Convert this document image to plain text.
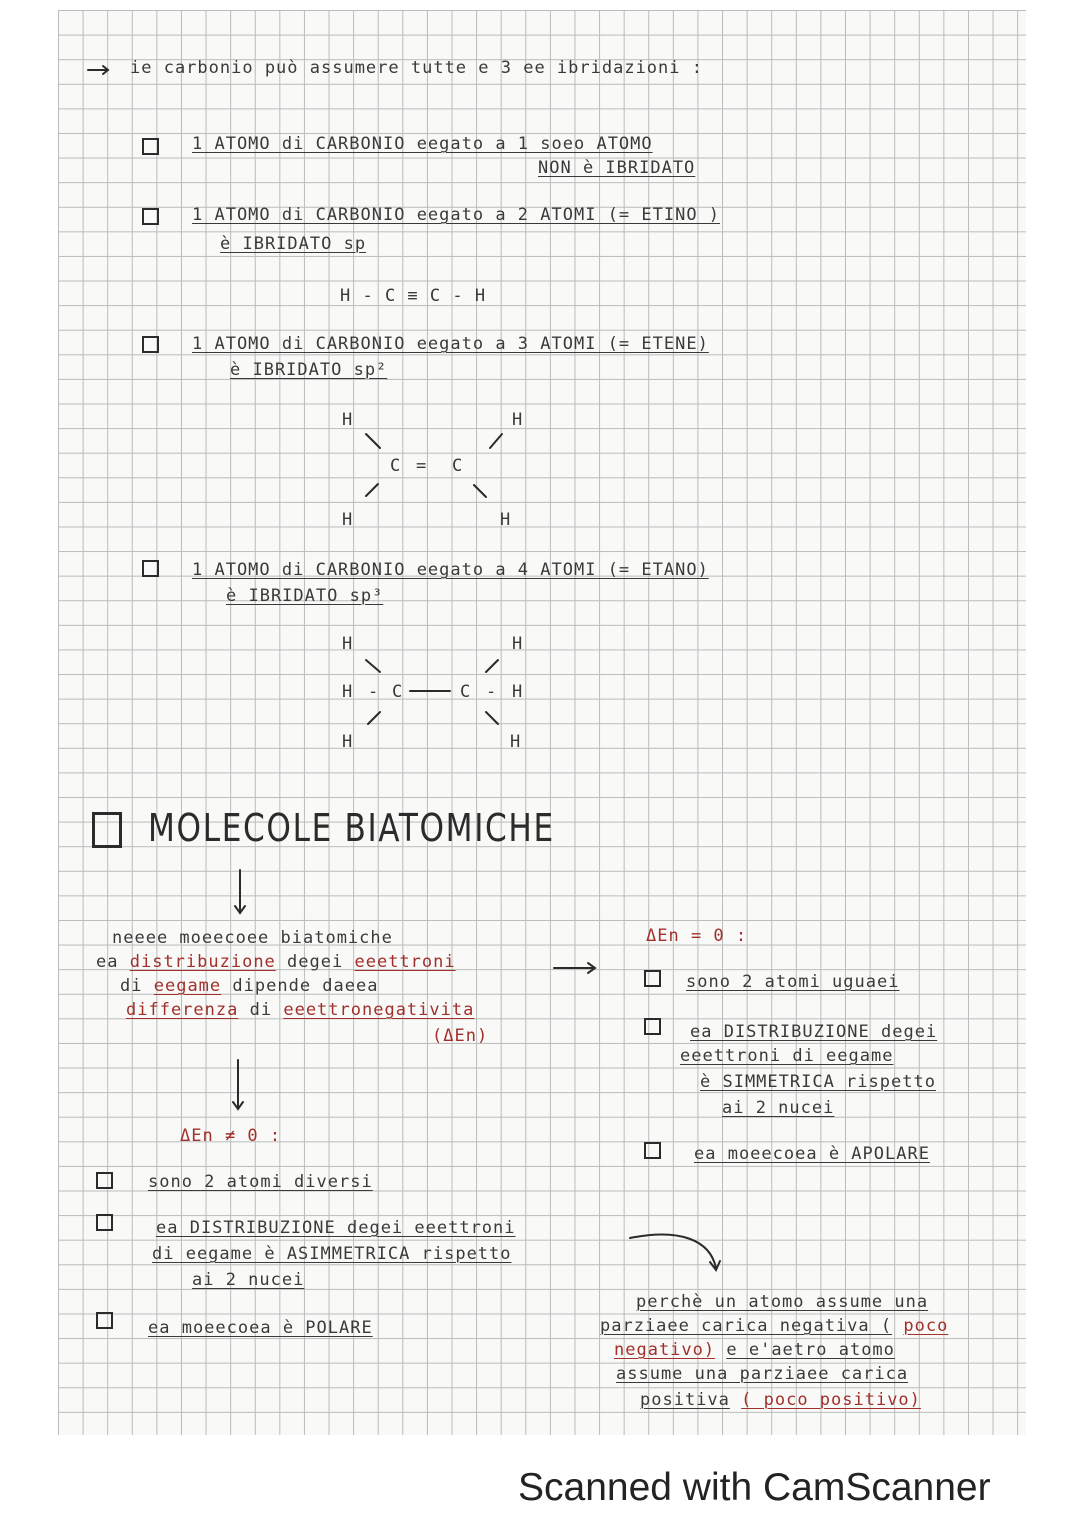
ie carbonio può assumere tutte e 3 ee ibridazioni :
1 ATOMO di CARBONIO eegato a 1 soeo ATOMO
NON è IBRIDATO
1 ATOMO di CARBONIO eegato a 2 ATOMI (= ETINO )
è IBRIDATO sp
H - C ≡ C - H
1 ATOMO di CARBONIO eegato a 3 ATOMI (= ETENE)
è IBRIDATO sp²
H	H
C = C
H	H
1 ATOMO di CARBONIO eegato a 4 ATOMI (= ETANO)
è IBRIDATO sp³
H	H
H - C	C - H
H	H
MOLECOLE BIATOMICHE
neeee moeecoee biatomiche
ea distribuzione degei eeettroni
di eegame dipende daeea
differenza di eeettronegativita
(ΔEn)
ΔEn = 0 :
sono 2 atomi uguaei
ea DISTRIBUZIONE degei
eeettroni di eegame
è SIMMETRICA rispetto
ai 2 nucei
ea moeecoea è APOLARE
ΔEn ≠ 0 :
sono 2 atomi diversi
ea DISTRIBUZIONE degei eeettroni
di eegame è ASIMMETRICA rispetto
ai 2 nucei
ea moeecoea è POLARE
perchè un atomo assume una
parziaee carica negativa ( poco
negativo) e e'aetro atomo
assume una parziaee carica
positiva ( poco positivo)
Scanned with CamScanner
